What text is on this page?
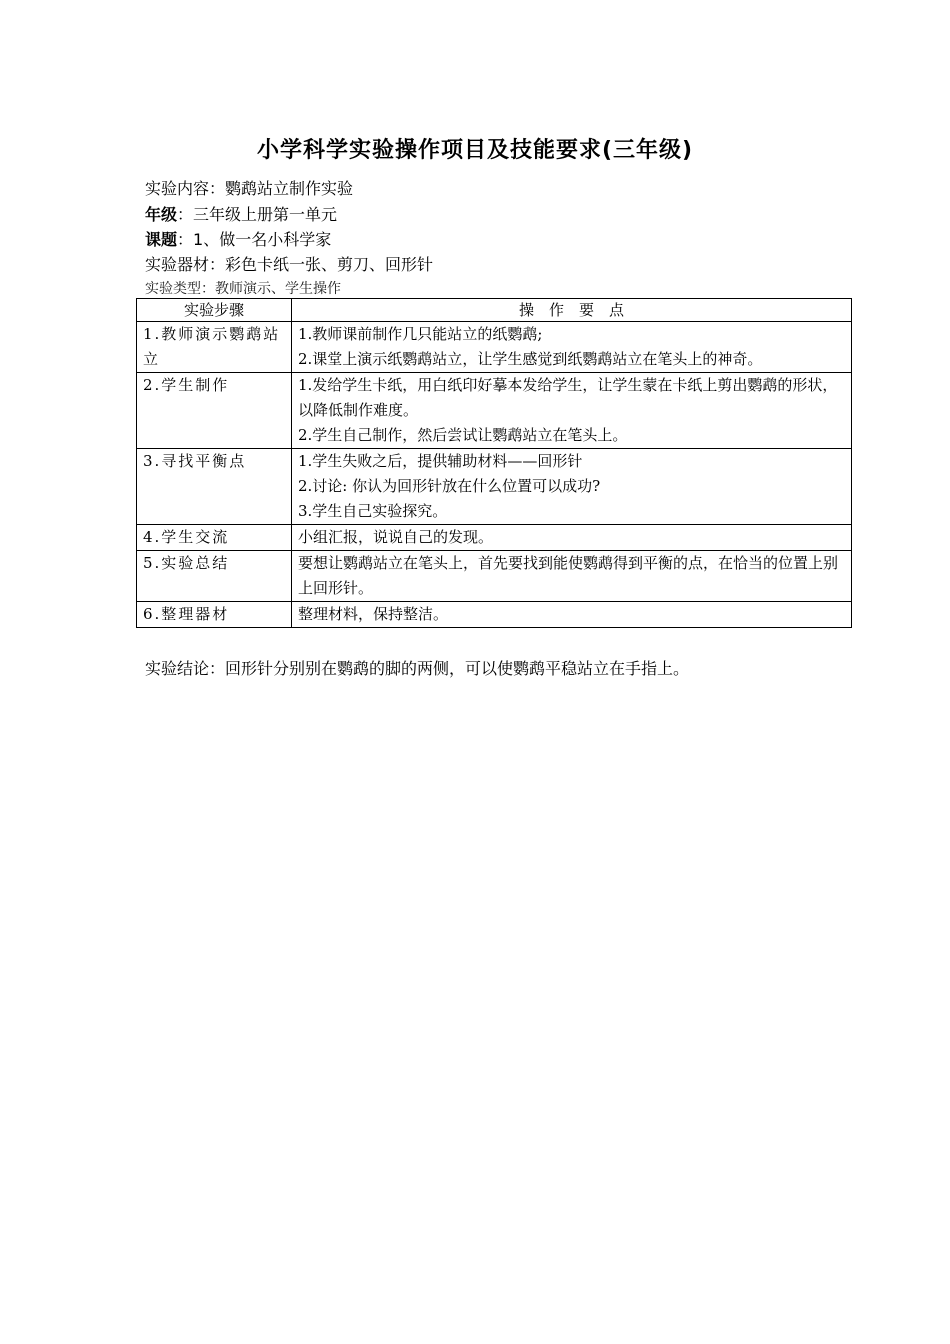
小学科学实验操作项目及技能要求(三年级)
实验内容：鹦鹉站立制作实验
年级：三年级上册第一单元
课题：1、做一名小科学家
实验器材：彩色卡纸一张、剪刀、回形针
实验类型：教师演示、学生操作
实验步骤	操　作　要　点
1.教师演示鹦鹉站立	1.教师课前制作几只能站立的纸鹦鹉;
2.课堂上演示纸鹦鹉站立，让学生感觉到纸鹦鹉站立在笔头上的神奇。

2.学生制作	1.发给学生卡纸，用白纸印好摹本发给学生，让学生蒙在卡纸上剪出鹦鹉的形状，以降低制作难度。
2.学生自己制作，然后尝试让鹦鹉站立在笔头上。

3.寻找平衡点	1.学生失败之后，提供辅助材料——回形针
2.讨论: 你认为回形针放在什么位置可以成功?
3.学生自己实验探究。

4.学生交流	小组汇报，说说自己的发现。

5.实验总结	要想让鹦鹉站立在笔头上，首先要找到能使鹦鹉得到平衡的点，在恰当的位置上别上回形针。

6.整理器材	整理材料，保持整洁。
实验结论：回形针分别别在鹦鹉的脚的两侧，可以使鹦鹉平稳站立在手指上。
